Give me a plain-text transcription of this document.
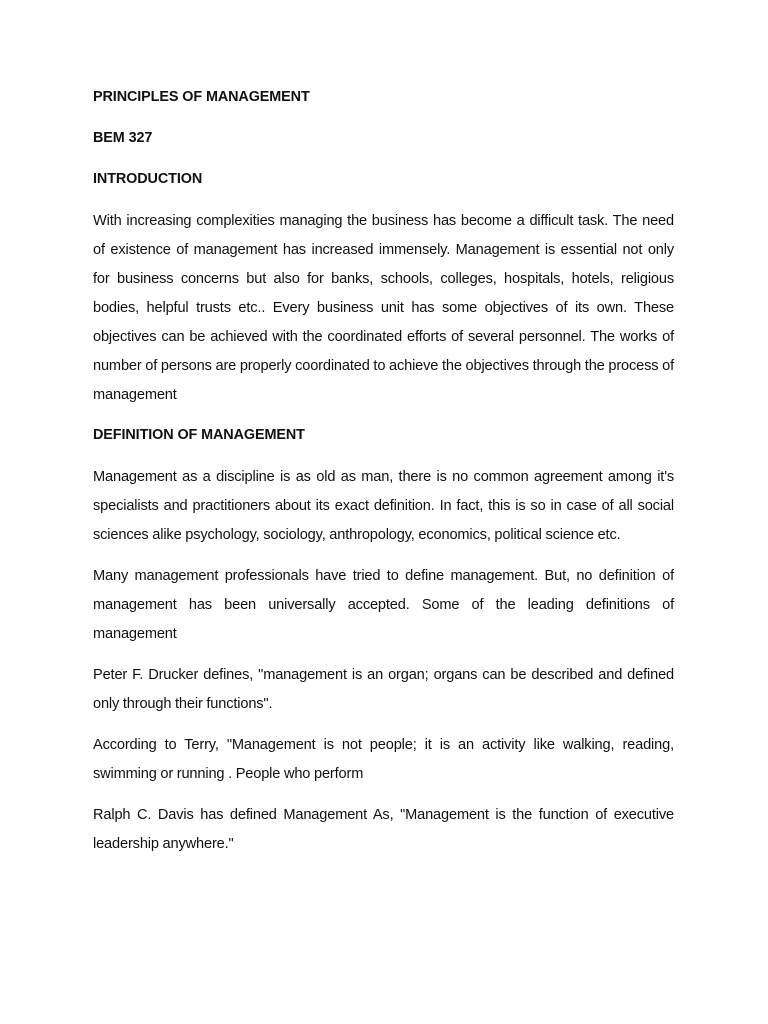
PRINCIPLES OF MANAGEMENT
BEM 327
INTRODUCTION

With increasing complexities managing the business has become a difficult task. The need of existence of management has increased immensely. Management is essential not only for business concerns but also for banks, schools, colleges, hospitals, hotels, religious bodies, helpful trusts etc.. Every business unit has some objectives of its own. These objectives can be achieved with the coordinated efforts of several personnel. The works of number of persons are properly coordinated to achieve the objectives through the process of management

DEFINITION OF MANAGEMENT

Management as a discipline is as old as man, there is no common agreement among it's specialists and practitioners about its exact definition. In fact, this is so in case of all social sciences alike psychology, sociology, anthropology, economics, political science etc.

Many management professionals have tried to define management. But, no definition of management has been universally accepted. Some of the leading definitions of management

Peter F. Drucker defines, "management is an organ; organs can be described and defined only through their functions".

According to Terry, "Management is not people; it is an activity like walking, reading, swimming or running . People who perform

Ralph C. Davis has defined Management As, "Management is the function of executive leadership anywhere."
